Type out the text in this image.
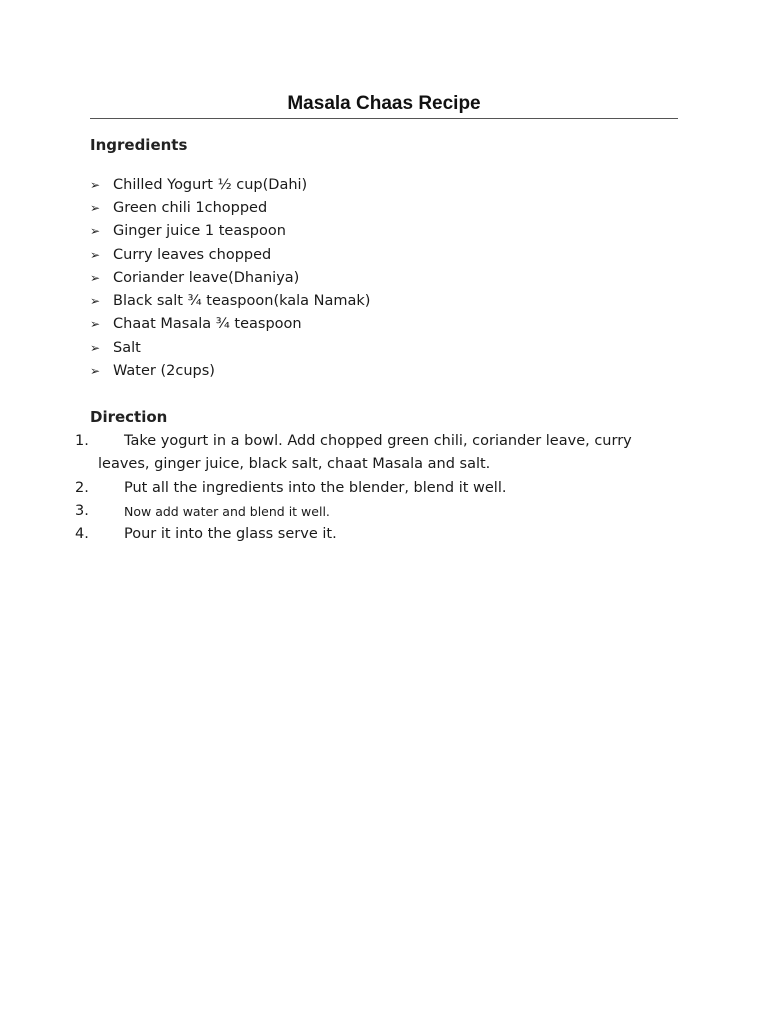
Masala Chaas Recipe
Ingredients
➢ Chilled Yogurt ½ cup(Dahi)
➢ Green chili 1chopped
➢ Ginger juice 1 teaspoon
➢ Curry leaves chopped
➢ Coriander leave(Dhaniya)
➢ Black salt ¾ teaspoon(kala Namak)
➢ Chaat Masala ¾ teaspoon
➢ Salt
➢ Water (2cups)
Direction
1.	Take yogurt in a bowl. Add chopped green chili, coriander leave, curry leaves, ginger juice, black salt, chaat Masala and salt.
2.	Put all the ingredients into the blender, blend it well.
3.	Now add water and blend it well.
4.	Pour it into the glass serve it.
